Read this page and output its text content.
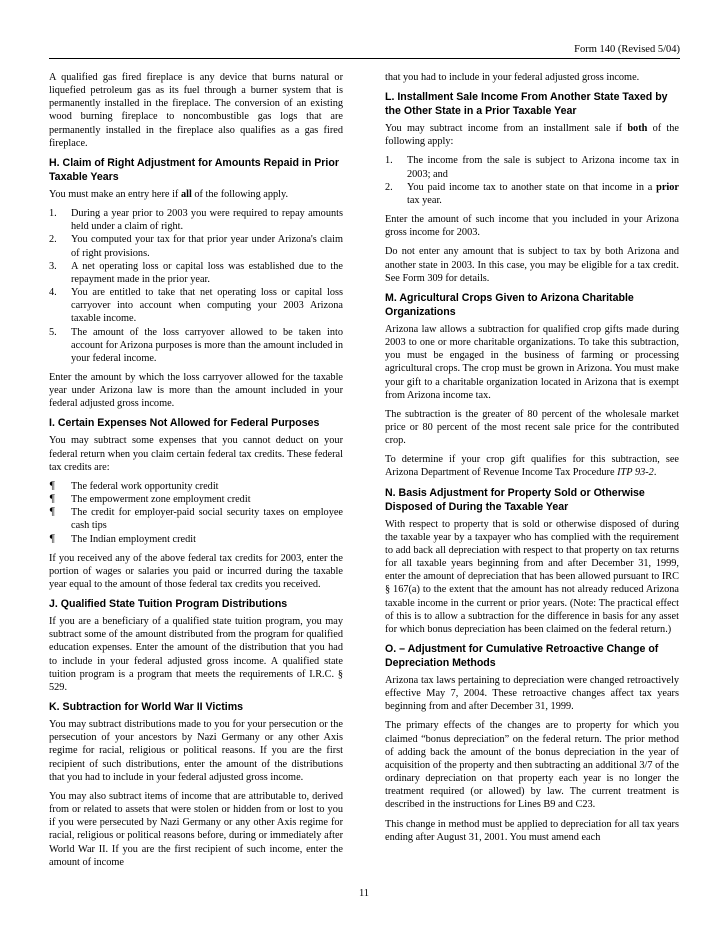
Form 140 (Revised 5/04)

A qualified gas fired fireplace is any device that burns natural or liquefied petroleum gas as its fuel through a burner system that is permanently installed in the fireplace. The conversion of an existing wood burning fireplace to noncombustible gas logs that are permanently installed in the fireplace also qualifies as a gas fired fireplace.

H. Claim of Right Adjustment for Amounts Repaid in Prior Taxable Years

You must make an entry here if all of the following apply.

1. During a year prior to 2003 you were required to repay amounts held under a claim of right.
2. You computed your tax for that prior year under Arizona's claim of right provisions.
3. A net operating loss or capital loss was established due to the repayment made in the prior year.
4. You are entitled to take that net operating loss or capital loss carryover into account when computing your 2003 Arizona taxable income.
5. The amount of the loss carryover allowed to be taken into account for Arizona purposes is more than the amount included in your federal income.

Enter the amount by which the loss carryover allowed for the taxable year under Arizona law is more than the amount included in your federal adjusted gross income.

I. Certain Expenses Not Allowed for Federal Purposes

You may subtract some expenses that you cannot deduct on your federal return when you claim certain federal tax credits. These federal tax credits are:

¶ The federal work opportunity credit
¶ The empowerment zone employment credit
¶ The credit for employer-paid social security taxes on employee cash tips
¶ The Indian employment credit

If you received any of the above federal tax credits for 2003, enter the portion of wages or salaries you paid or incurred during the taxable year equal to the amount of those federal tax credits you received.

J. Qualified State Tuition Program Distributions

If you are a beneficiary of a qualified state tuition program, you may subtract some of the amount distributed from the program for qualified education expenses. Enter the amount of the distribution that you had to include in your federal adjusted gross income. A qualified state tuition program is a program that meets the requirements of I.R.C. § 529.

K. Subtraction for World War II Victims

You may subtract distributions made to you for your persecution or the persecution of your ancestors by Nazi Germany or any other Axis regime for racial, religious or political reasons. If you are the first recipient of such distributions, enter the amount of the distributions that you had to include in your federal adjusted gross income.

You may also subtract items of income that are attributable to, derived from or related to assets that were stolen or hidden from or lost to you if you were persecuted by Nazi Germany or any other Axis regime for racial, religious or political reasons before, during or immediately after World War II. If you are the first recipient of such income, enter the amount of income

that you had to include in your federal adjusted gross income.

L. Installment Sale Income From Another State Taxed by the Other State in a Prior Taxable Year

You may subtract income from an installment sale if both of the following apply:

1. The income from the sale is subject to Arizona income tax in 2003; and
2. You paid income tax to another state on that income in a prior tax year.

Enter the amount of such income that you included in your Arizona gross income for 2003.

Do not enter any amount that is subject to tax by both Arizona and another state in 2003. In this case, you may be eligible for a tax credit. See Form 309 for details.

M. Agricultural Crops Given to Arizona Charitable Organizations

Arizona law allows a subtraction for qualified crop gifts made during 2003 to one or more charitable organizations. To take this subtraction, you must be engaged in the business of farming or processing agricultural crops. The crop must be grown in Arizona. You must make your gift to a charitable organization located in Arizona that is exempt from Arizona income tax.

The subtraction is the greater of 80 percent of the wholesale market price or 80 percent of the most recent sale price for the contributed crop.

To determine if your crop gift qualifies for this subtraction, see Arizona Department of Revenue Income Tax Procedure ITP 93-2.

N. Basis Adjustment for Property Sold or Otherwise Disposed of During the Taxable Year

With respect to property that is sold or otherwise disposed of during the taxable year by a taxpayer who has complied with the requirement to add back all depreciation with respect to that property on tax returns for all taxable years beginning from and after December 31, 1999, enter the amount of depreciation that has been allowed pursuant to IRC § 167(a) to the extent that the amount has not already reduced Arizona taxable income in the current or prior years. (Note: The practical effect of this is to allow a subtraction for the difference in basis for any asset for which bonus depreciation has been claimed on the federal return.)

O. – Adjustment for Cumulative Retroactive Change of Depreciation Methods

Arizona tax laws pertaining to depreciation were changed retroactively effective May 7, 2004. These retroactive changes affect tax years beginning from and after December 31, 1999.

The primary effects of the changes are to property for which you claimed “bonus depreciation” on the federal return. The prior method of adding back the amount of the bonus depreciation in the year of acquisition of the property and then subtracting an additional 3/7 of the ordinary depreciation on that property each year is no longer the treatment required (or allowed) by law. The current treatment is described in the instructions for Lines B9 and C23.

This change in method must be applied to depreciation for all tax years ending after August 31, 2001. You must amend each

11
